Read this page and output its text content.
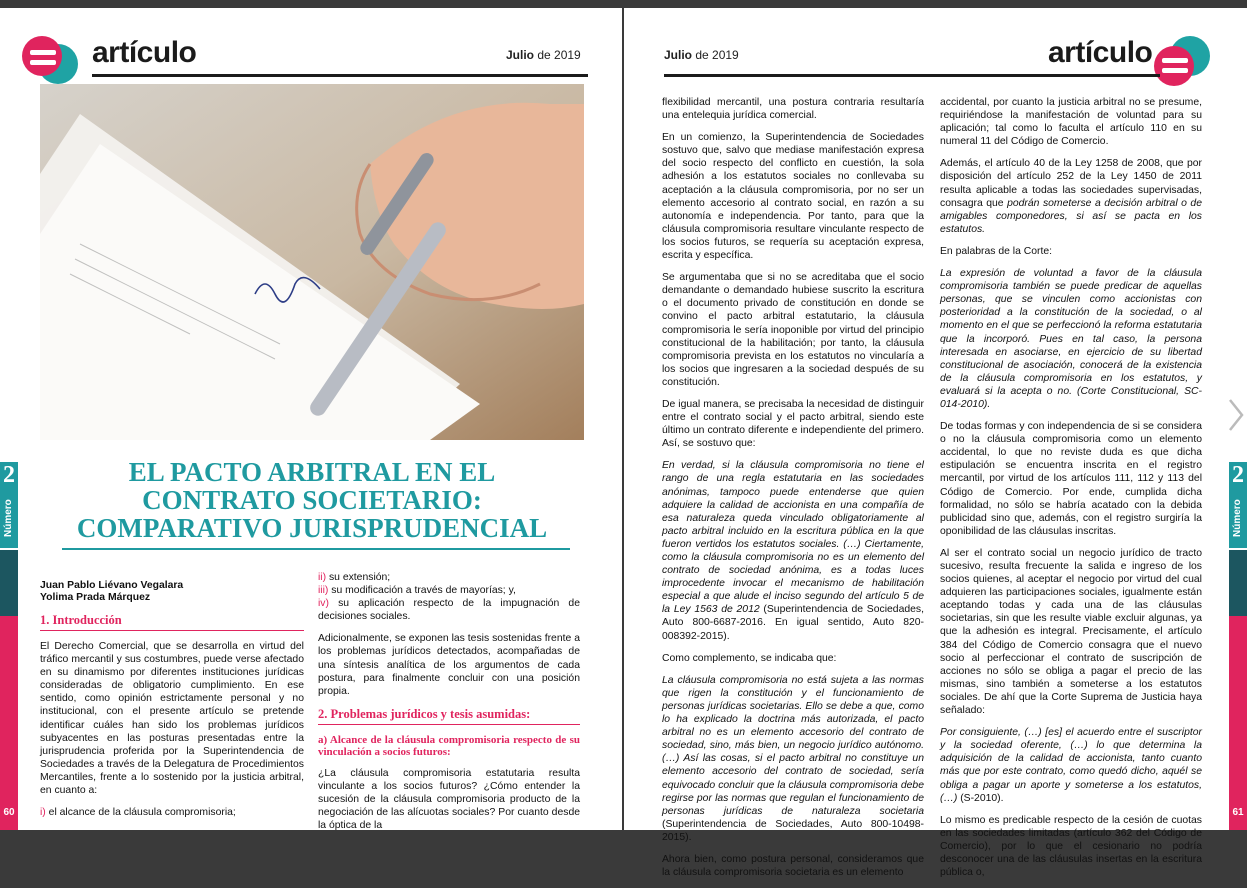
artículo	Julio de 2019
2
Número
60
EL PACTO ARBITRAL EN EL CONTRATO SOCIETARIO: COMPARATIVO JURISPRUDENCIAL
Juan Pablo Liévano Vegalara
Yolima Prada Márquez
1. Introducción

El Derecho Comercial, que se desarrolla en virtud del tráfico mercantil y sus costumbres, puede verse afectado en su dinamismo por diferentes instituciones jurídicas consideradas de obligatorio cumplimiento. En ese sentido, como opinión estrictamente personal y no institucional, con el presente artículo se pretende identificar cuáles han sido los problemas jurídicos subyacentes en las posturas presentadas entre la jurisprudencia proferida por la Superintendencia de Sociedades a través de la Delegatura de Procedimientos Mercantiles, frente a lo sostenido por la justicia arbitral, en cuanto a:

i) el alcance de la cláusula compromisoria;

ii) su extensión;

iii) su modificación a través de mayorías; y,

iv) su aplicación respecto de la impugnación de decisiones sociales.

Adicionalmente, se exponen las tesis sostenidas frente a los problemas jurídicos detectados, acompañadas de una síntesis analítica de los argumentos de cada postura, para finalmente concluir con una posición propia.

2. Problemas jurídicos y tesis asumidas:
a) Alcance de la cláusula compromisoria respecto de su vinculación a socios futuros:

¿La cláusula compromisoria estatutaria resulta vinculante a los socios futuros? ¿Cómo entender la sucesión de la cláusula compromisoria producto de la negociación de las alícuotas sociales? Por cuanto desde la óptica de la

Julio de 2019	artículo

flexibilidad mercantil, una postura contraria resultaría una entelequia jurídica comercial.

En un comienzo, la Superintendencia de Sociedades sostuvo que, salvo que mediase manifestación expresa del socio respecto del conflicto en cuestión, la sola adhesión a los estatutos sociales no conllevaba su aceptación a la cláusula compromisoria, por no ser un elemento accesorio al contrato social, en razón a su autonomía e independencia. Por tanto, para que la cláusula compromisoria resultare vinculante respecto de los socios futuros, se requería su aceptación expresa, escrita y específica.

Se argumentaba que si no se acreditaba que el socio demandante o demandado hubiese suscrito la escritura o el documento privado de constitución en donde se convino el pacto arbitral estatutario, la cláusula compromisoria le sería inoponible por virtud del principio constitucional de la habilitación; por tanto, la cláusula compromisoria prevista en los estatutos no vincularía a los socios que ingresaren a la sociedad después de su constitución.

De igual manera, se precisaba la necesidad de distinguir entre el contrato social y el pacto arbitral, siendo este último un contrato diferente e independiente del primero. Así, se sostuvo que:

En verdad, si la cláusula compromisoria no tiene el rango de una regla estatutaria en las sociedades anónimas, tampoco puede entenderse que quien adquiere la calidad de accionista en una compañía de esa naturaleza queda vinculado obligatoriamente al pacto arbitral incluido en la escritura pública en la que fueron vertidos los estatutos sociales. (…) Ciertamente, como la cláusula compromisoria no es un elemento del contrato de sociedad anónima, es a todas luces improcedente invocar el mecanismo de habilitación especial a que alude el inciso segundo del artículo 5 de la Ley 1563 de 2012 (Superintendencia de Sociedades, Auto 800-6687-2016. En igual sentido, Auto 820-008392-2015).

Como complemento, se indicaba que:

La cláusula compromisoria no está sujeta a las normas que rigen la constitución y el funcionamiento de personas jurídicas societarias. Ello se debe a que, como lo ha explicado la doctrina más autorizada, el pacto arbitral no es un elemento accesorio del contrato de sociedad, sino, más bien, un negocio jurídico autónomo. (…) Así las cosas, si el pacto arbitral no constituye un elemento accesorio del contrato de sociedad, sería equivocado concluir que la cláusula compromisoria debe regirse por las normas que regulan el funcionamiento de personas jurídicas de naturaleza societaria (Superintendencia de Sociedades, Auto 800-10498-2015).

Ahora bien, como postura personal, consideramos que la cláusula compromisoria societaria es un elemento

accidental, por cuanto la justicia arbitral no se presume, requiriéndose la manifestación de voluntad para su aplicación; tal como lo faculta el artículo 110 en su numeral 11 del Código de Comercio.

Además, el artículo 40 de la Ley 1258 de 2008, que por disposición del artículo 252 de la Ley 1450 de 2011 resulta aplicable a todas las sociedades supervisadas, consagra que podrán someterse a decisión arbitral o de amigables componedores, si así se pacta en los estatutos.

En palabras de la Corte:

La expresión de voluntad a favor de la cláusula compromisoria también se puede predicar de aquellas personas, que se vinculen como accionistas con posterioridad a la constitución de la sociedad, o al momento en el que se perfeccionó la reforma estatutaria que la incorporó. Pues en tal caso, la persona interesada en asociarse, en ejercicio de su libertad constitucional de asociación, conocerá de la existencia de la cláusula compromisoria en los estatutos, y evaluará si la acepta o no. (Corte Constitucional, SC-014-2010).

De todas formas y con independencia de si se considera o no la cláusula compromisoria como un elemento accidental, lo que no reviste duda es que dicha estipulación se encuentra inscrita en el registro mercantil, por virtud de los artículos 111, 112 y 113 del Código de Comercio. Por ende, cumplida dicha formalidad, no sólo se habría acatado con la debida publicidad sino que, además, con el registro surgiría la oponibilidad de las cláusulas inscritas.

Al ser el contrato social un negocio jurídico de tracto sucesivo, resulta frecuente la salida e ingreso de los socios quienes, al aceptar el negocio por virtud del cual adquieren las participaciones sociales, igualmente están aceptando todas y cada una de las cláusulas societarias, sin que les resulte viable excluir algunas, ya que la adhesión es integral. Precisamente, el artículo 384 del Código de Comercio consagra que el nuevo socio al perfeccionar el contrato de suscripción de acciones no sólo se obliga a pagar el precio de las mismas, sino también a someterse a los estatutos sociales. De ahí que la Corte Suprema de Justicia haya señalado:

Por consiguiente, (…) [es] el acuerdo entre el suscriptor y la sociedad oferente, (…) lo que determina la adquisición de la calidad de accionista, tanto cuanto más que por este contrato, como quedó dicho, aquél se obliga a pagar un aporte y someterse a los estatutos, (…) (S-2010).

Lo mismo es predicable respecto de la cesión de cuotas en las sociedades limitadas (artículo 362 del Código de Comercio), por lo que el cesionario no podría desconocer una de las cláusulas insertas en la escritura pública o,

2
Número
61
